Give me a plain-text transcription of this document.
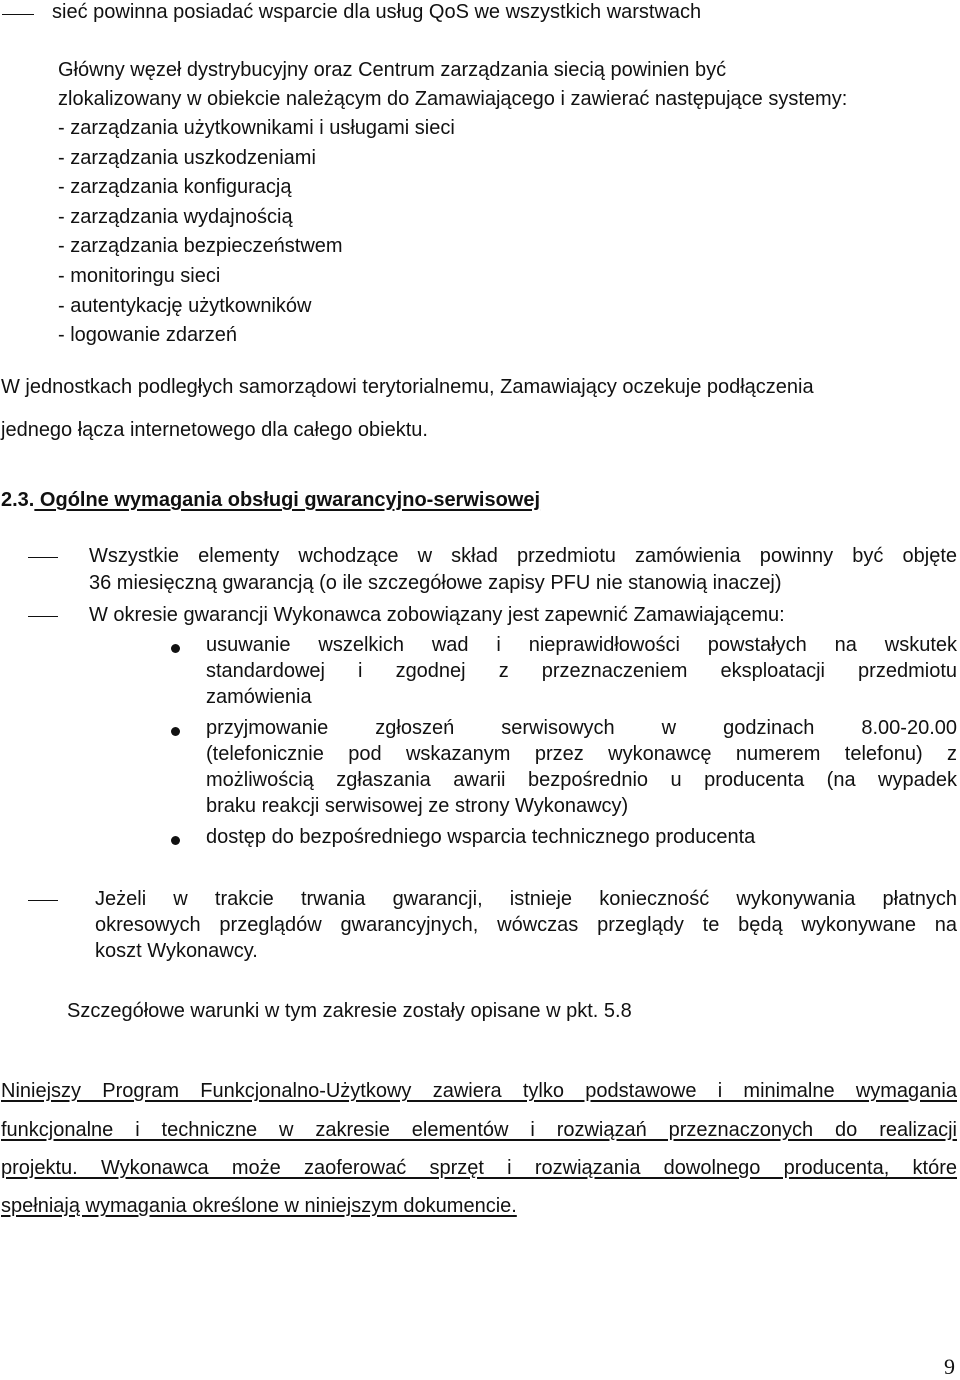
sieć powinna posiadać wsparcie dla usług QoS we wszystkich warstwach
Główny węzeł dystrybucyjny oraz Centrum zarządzania siecią powinien być
zlokalizowany w obiekcie należącym do Zamawiającego i zawierać następujące systemy:
- zarządzania użytkownikami i usługami sieci
- zarządzania uszkodzeniami
- zarządzania konfiguracją
- zarządzania wydajnością
- zarządzania bezpieczeństwem
- monitoringu sieci
- autentykację użytkowników
- logowanie zdarzeń
W jednostkach podległych samorządowi terytorialnemu, Zamawiający oczekuje podłączenia
jednego łącza internetowego dla całego obiektu.
2.3. Ogólne wymagania obsługi gwarancyjno-serwisowej
Wszystkie elementy wchodzące w skład przedmiotu zamówienia powinny być objęte
36 miesięczną gwarancją (o ile szczegółowe zapisy PFU nie stanowią inaczej)
W okresie gwarancji Wykonawca zobowiązany jest zapewnić Zamawiającemu:
usuwanie wszelkich wad i nieprawidłowości powstałych na wskutek
standardowej i zgodnej z przeznaczeniem eksploatacji przedmiotu
zamówienia
przyjmowanie zgłoszeń serwisowych w godzinach 8.00-20.00
(telefonicznie pod wskazanym przez wykonawcę numerem telefonu) z
możliwością zgłaszania awarii bezpośrednio u producenta (na wypadek
braku reakcji serwisowej ze strony Wykonawcy)
dostęp do bezpośredniego wsparcia technicznego producenta
Jeżeli w trakcie trwania gwarancji, istnieje konieczność wykonywania płatnych
okresowych przeglądów gwarancyjnych, wówczas przeglądy te będą wykonywane na
koszt Wykonawcy.
Szczegółowe warunki w tym zakresie zostały opisane w pkt. 5.8
Niniejszy Program Funkcjonalno-Użytkowy zawiera tylko podstawowe i minimalne wymagania
funkcjonalne i techniczne w zakresie elementów i rozwiązań przeznaczonych do realizacji
projektu. Wykonawca może zaoferować sprzęt i rozwiązania dowolnego producenta, które
spełniają wymagania określone w niniejszym dokumencie.
9
